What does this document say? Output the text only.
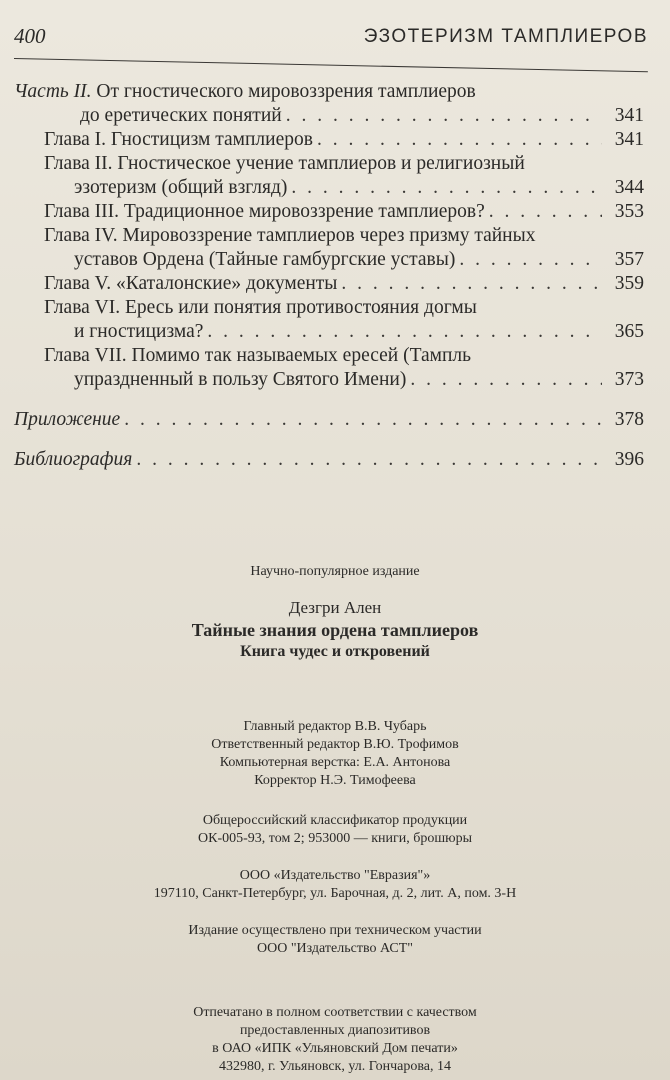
400	ЭЗОТЕРИЗМ ТАМПЛИЕРОВ
Часть II. От гностического мировоззрения тамплиеров
до еретических понятий . . .	341
Глава I. Гностицизм тамплиеров . . .	341
Глава II. Гностическое учение тамплиеров и религиозный
эзотеризм (общий взгляд) . . .	344
Глава III. Традиционное мировоззрение тамплиеров? . . .	353
Глава IV. Мировоззрение тамплиеров через призму тайных
уставов Ордена (Тайные гамбургские уставы) . . .	357
Глава V. «Каталонские» документы . . .	359
Глава VI. Ересь или понятия противостояния догмы
и гностицизма? . . .	365
Глава VII. Помимо так называемых ересей (Тампль
упраздненный в пользу Святого Имени) . . .	373
Приложение . . .	378
Библиография . . .	396
Научно-популярное издание
Дезгри Ален
Тайные знания ордена тамплиеров
Книга чудес и откровений
Главный редактор В.В. Чубарь
Ответственный редактор В.Ю. Трофимов
Компьютерная верстка: Е.А. Антонова
Корректор Н.Э. Тимофеева
Общероссийский классификатор продукции
ОК-005-93, том 2; 953000 — книги, брошюры
ООО «Издательство "Евразия"»
197110, Санкт-Петербург, ул. Барочная, д. 2, лит. А, пом. 3-Н
Издание осуществлено при техническом участии
ООО "Издательство АСТ"
Отпечатано в полном соответствии с качеством
предоставленных диапозитивов
в ОАО «ИПК «Ульяновский Дом печати»
432980, г. Ульяновск, ул. Гончарова, 14
